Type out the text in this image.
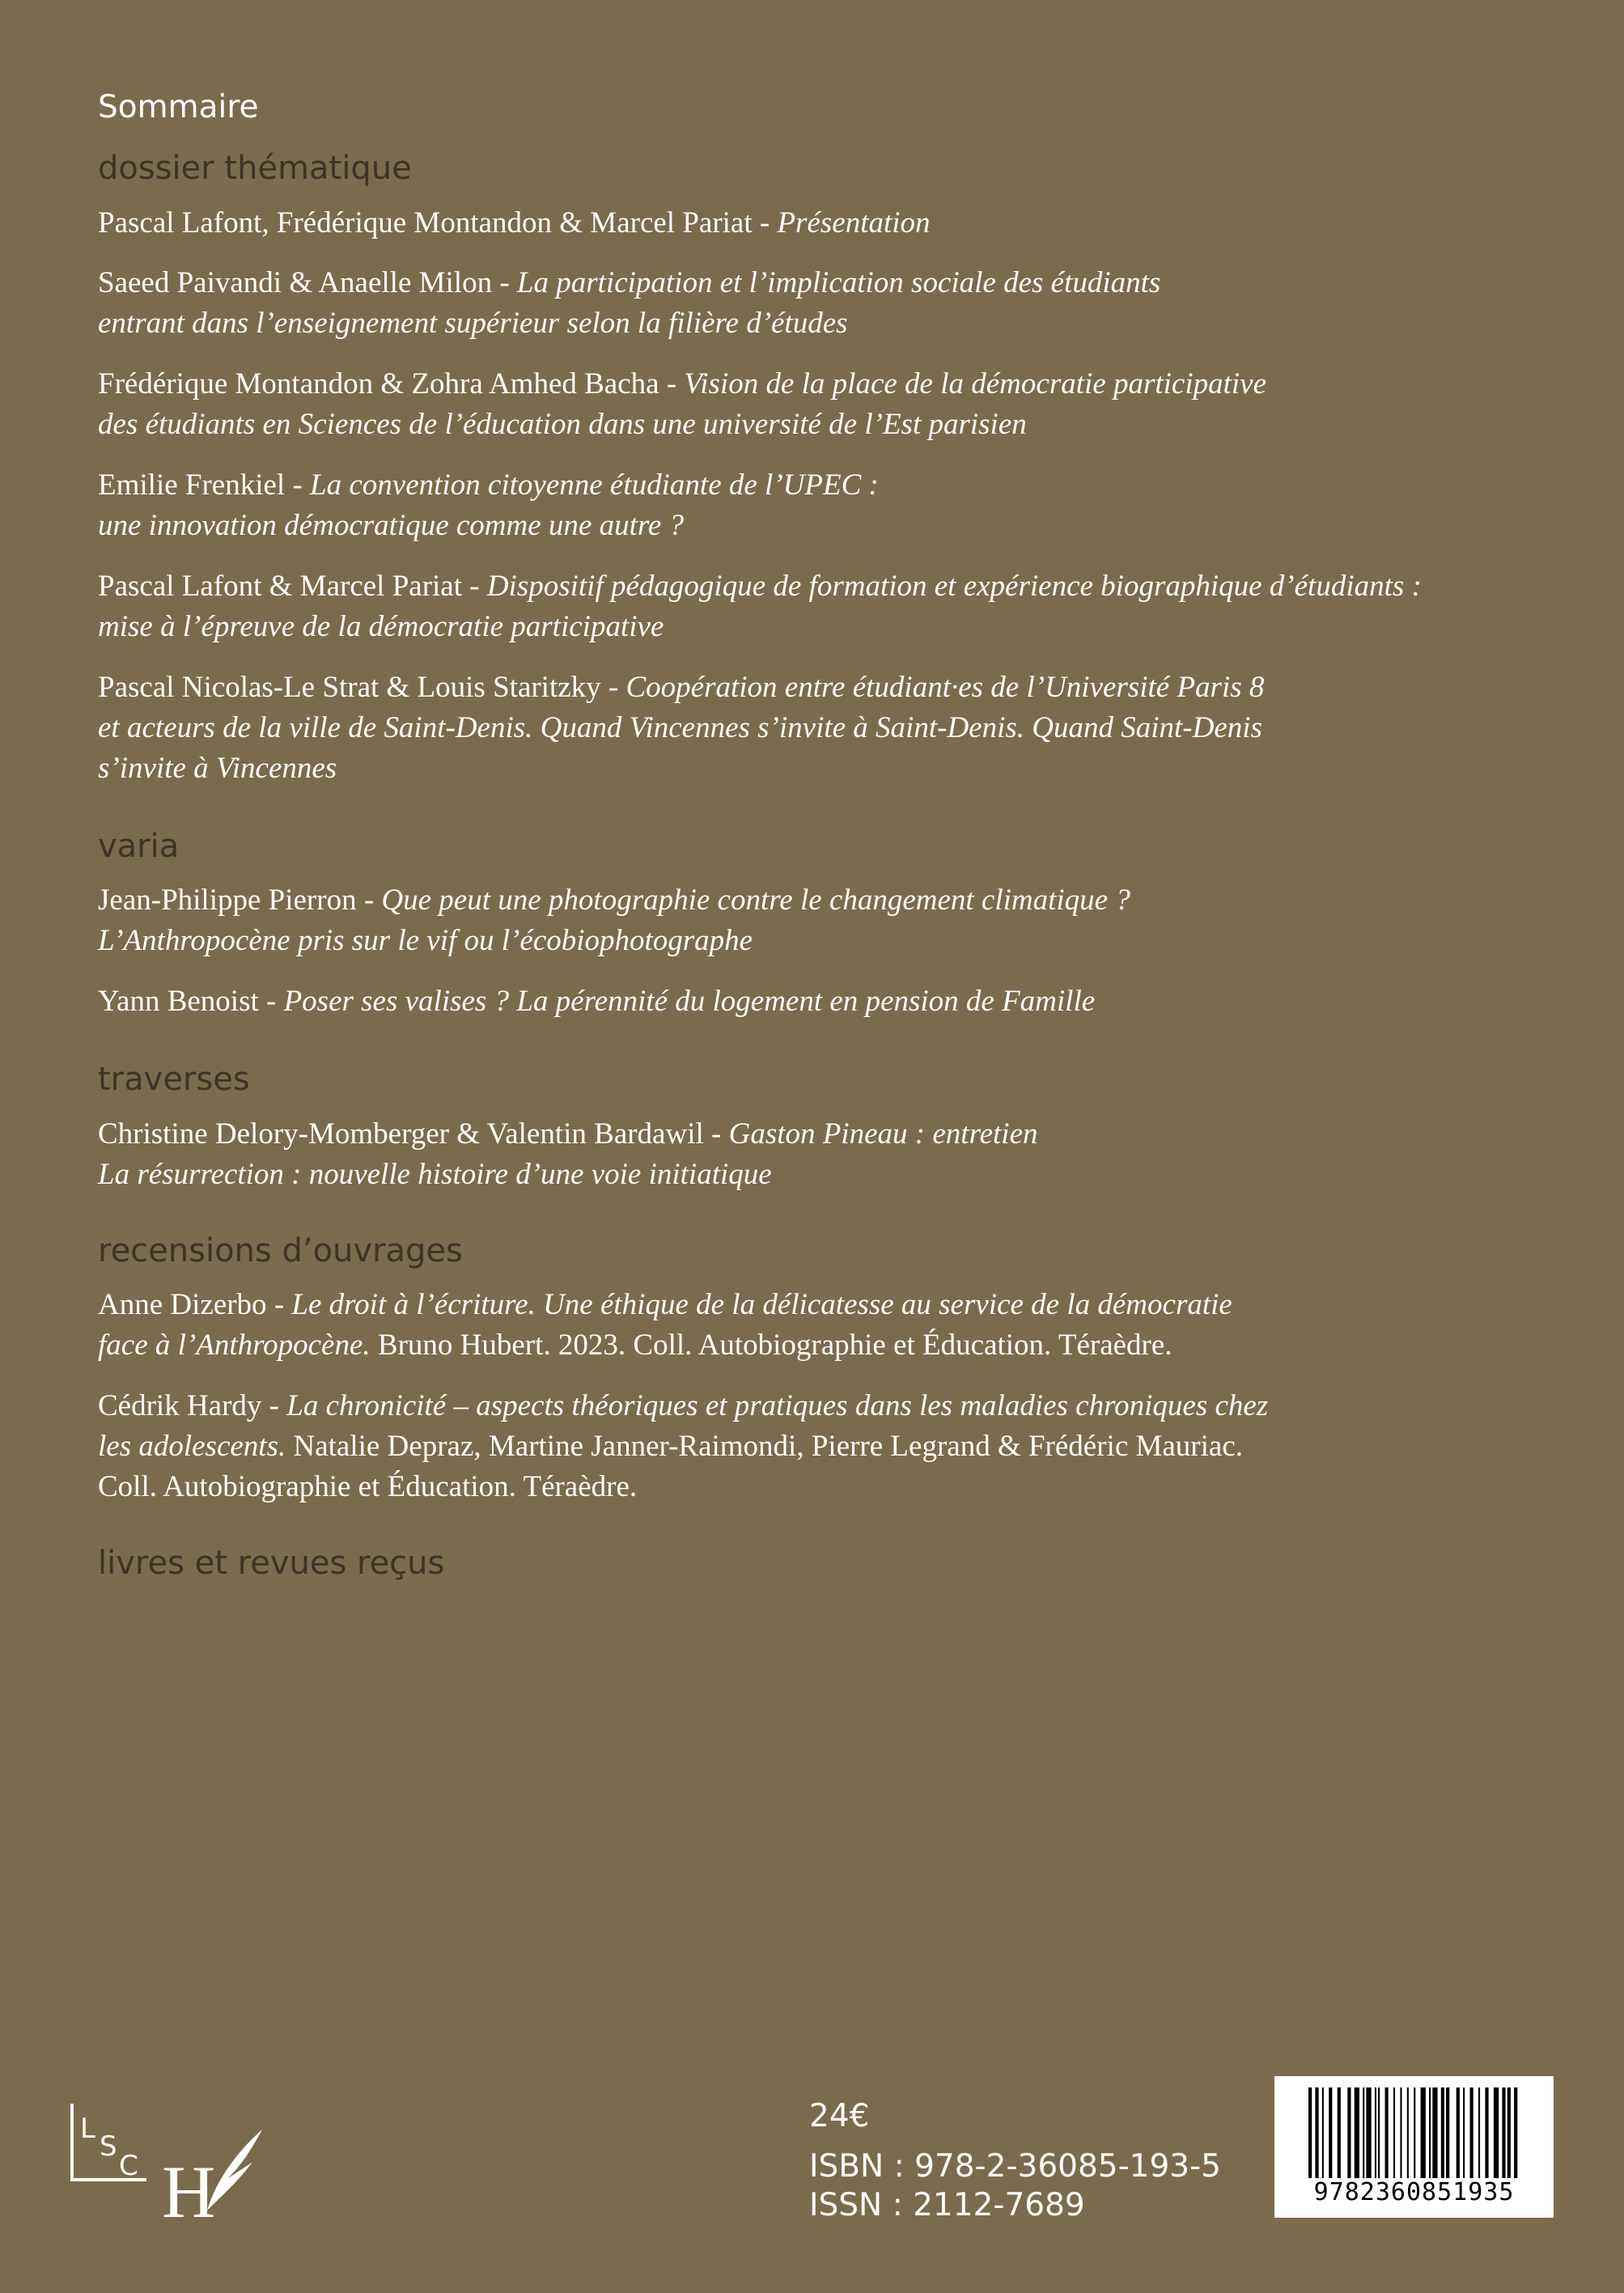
Sommaire
dossier thématique

Pascal Lafont, Frédérique Montandon & Marcel Pariat - Présentation

Saeed Paivandi & Anaelle Milon - La participation et l’implication sociale des étudiants
entrant dans l’enseignement supérieur selon la filière d’études

Frédérique Montandon & Zohra Amhed Bacha - Vision de la place de la démocratie participative
des étudiants en Sciences de l’éducation dans une université de l’Est parisien

Emilie Frenkiel - La convention citoyenne étudiante de l’UPEC :
une innovation démocratique comme une autre ?

Pascal Lafont & Marcel Pariat - Dispositif pédagogique de formation et expérience biographique d’étudiants :
mise à l’épreuve de la démocratie participative

Pascal Nicolas-Le Strat & Louis Staritzky - Coopération entre étudiant·es de l’Université Paris 8
et acteurs de la ville de Saint-Denis. Quand Vincennes s’invite à Saint-Denis. Quand Saint-Denis
s’invite à Vincennes

varia

Jean-Philippe Pierron - Que peut une photographie contre le changement climatique ?
L’Anthropocène pris sur le vif ou l’écobiophotographe

Yann Benoist - Poser ses valises ? La pérennité du logement en pension de Famille

traverses

Christine Delory-Momberger & Valentin Bardawil - Gaston Pineau : entretien
La résurrection : nouvelle histoire d’une voie initiatique

recensions d’ouvrages

Anne Dizerbo - Le droit à l’écriture. Une éthique de la délicatesse au service de la démocratie
face à l’Anthropocène. Bruno Hubert. 2023. Coll. Autobiographie et Éducation. Téraèdre.

Cédrik Hardy - La chronicité – aspects théoriques et pratiques dans les maladies chroniques chez
les adolescents. Natalie Depraz, Martine Janner-Raimondi, Pierre Legrand & Frédéric Mauriac.
Coll. Autobiographie et Éducation. Téraèdre.

livres et revues reçus
24€
ISBN : 978-2-36085-193-5
ISSN : 2112-7689	9782360851935
L
S
C H
